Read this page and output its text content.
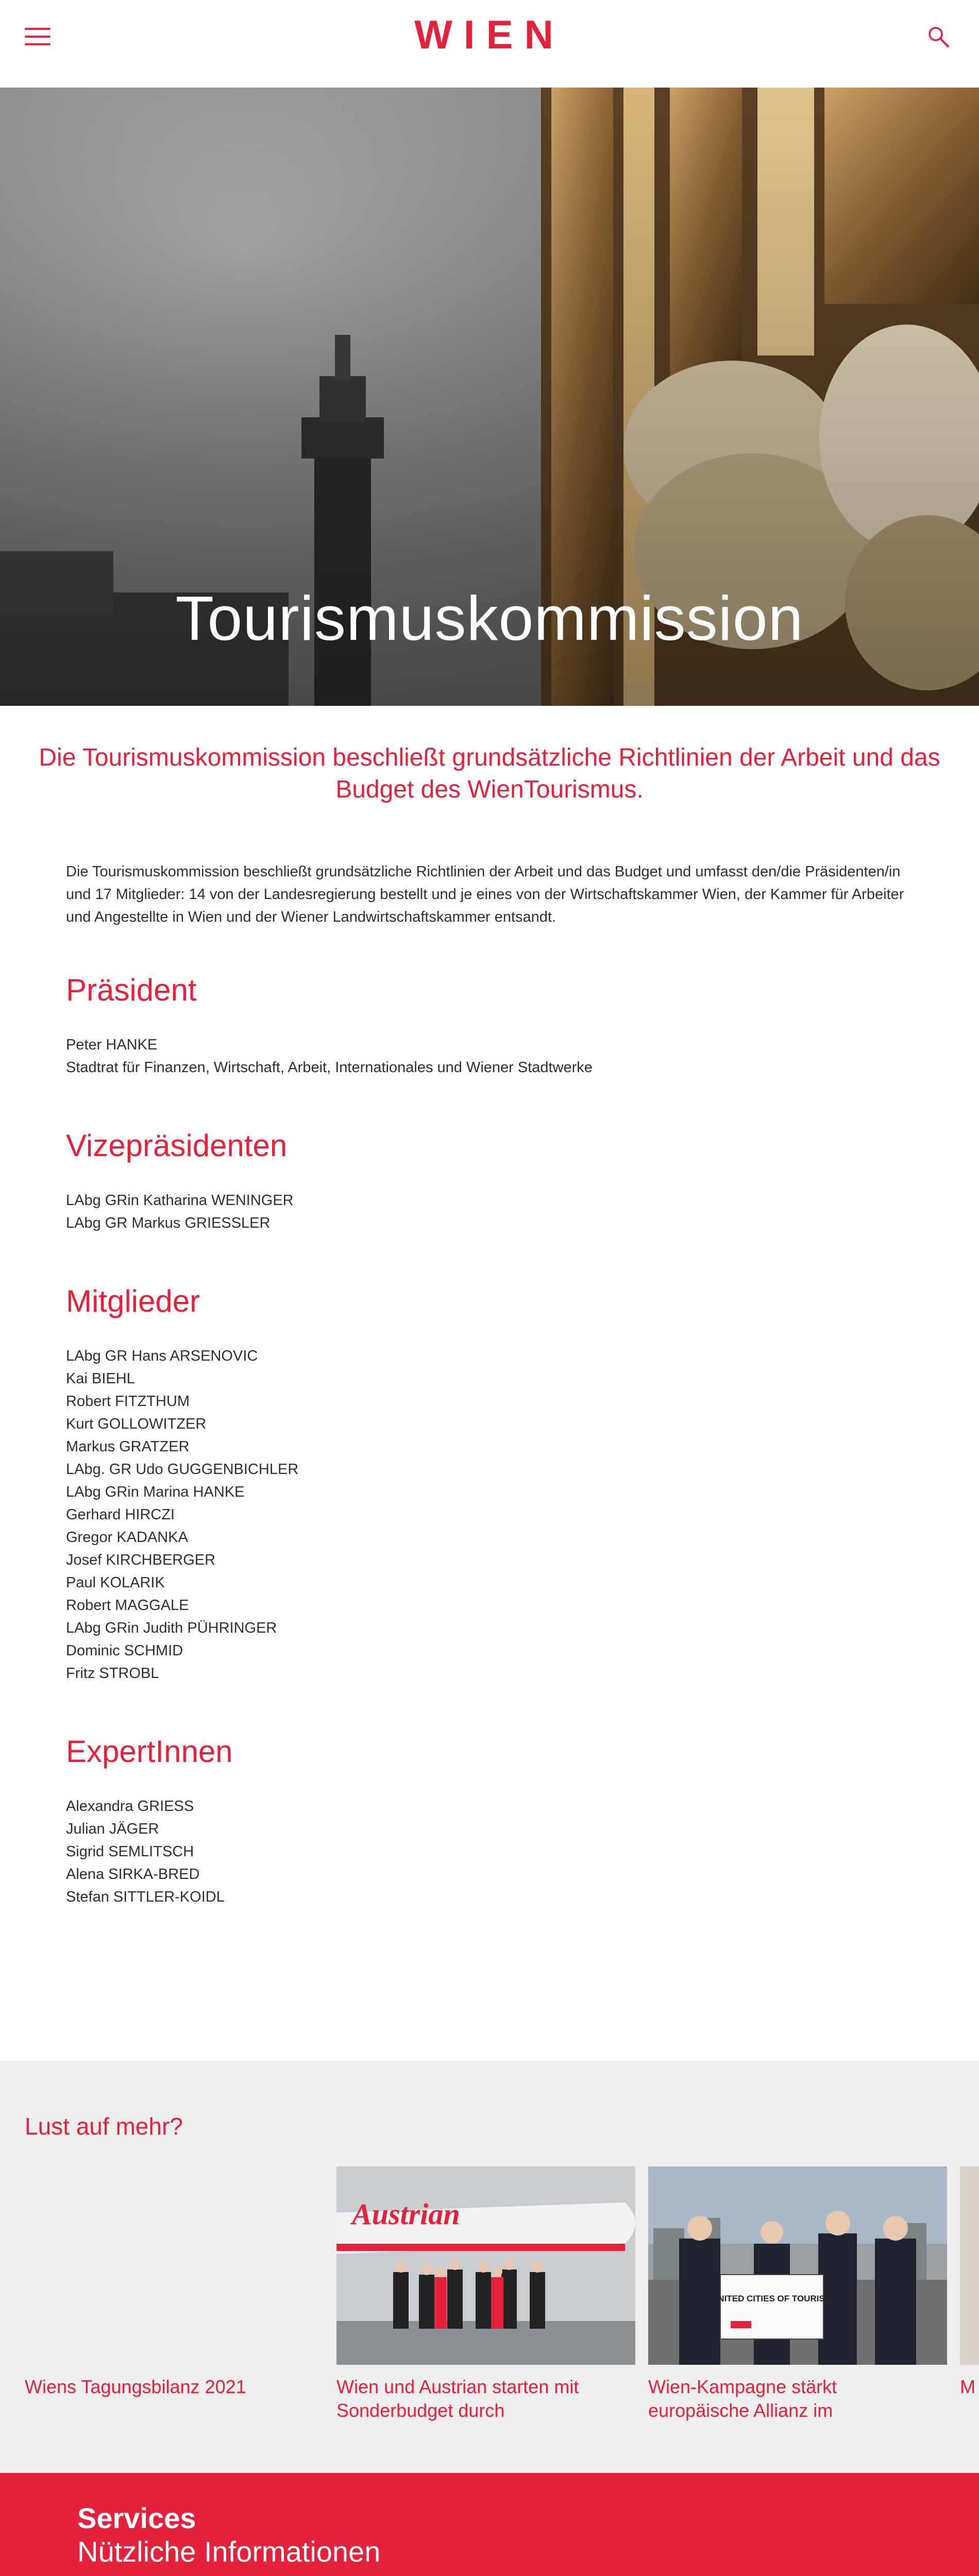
WIEN
Tourismuskommission
Die Tourismuskommission beschließt grundsätzliche Richtlinien der Arbeit und das Budget des WienTourismus.

Die Tourismuskommission beschließt grundsätzliche Richtlinien der Arbeit und das Budget und umfasst den/die Präsidenten/in und 17 Mitglieder: 14 von der Landesregierung bestellt und je eines von der Wirtschaftskammer Wien, der Kammer für Arbeiter und Angestellte in Wien und der Wiener Landwirtschaftskammer entsandt.

Präsident
Peter HANKE
Stadtrat für Finanzen, Wirtschaft, Arbeit, Internationales und Wiener Stadtwerke
Vizepräsidenten
LAbg GRin Katharina WENINGER
LAbg GR Markus GRIESSLER
Mitglieder
LAbg GR Hans ARSENOVIC
Kai BIEHL
Robert FITZTHUM
Kurt GOLLOWITZER
Markus GRATZER
LAbg. GR Udo GUGGENBICHLER
LAbg GRin Marina HANKE
Gerhard HIRCZI
Gregor KADANKA
Josef KIRCHBERGER
Paul KOLARIK
Robert MAGGALE
LAbg GRin Judith PÜHRINGER
Dominic SCHMID
Fritz STROBL
ExpertInnen
Alexandra GRIESS
Julian JÄGER
Sigrid SEMLITSCH
Alena SIRKA-BRED
Stefan SITTLER-KOIDL
Lust auf mehr?
Wiens Tagungsbilanz 2021
Austrian
Wien und Austrian starten mit
Sonderbudget durch
UNITED CITIES OF TOURISM
Wien-Kampagne stärkt
europäische Allianz im
M
Services
Nützliche Informationen
